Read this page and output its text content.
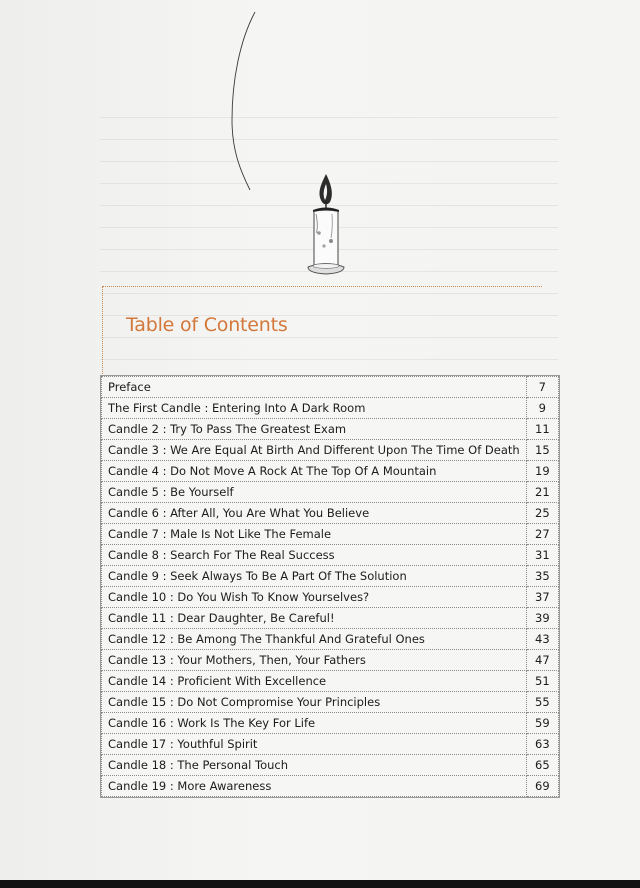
Table of Contents
Preface	7
The First Candle : Entering Into A Dark Room	9
Candle 2 : Try To Pass The Greatest Exam	11
Candle 3 : We Are Equal At Birth And Different Upon The Time Of Death	15
Candle 4 : Do Not Move A Rock At The Top Of A Mountain	19
Candle 5 : Be Yourself	21
Candle 6 : After All, You Are What You Believe	25
Candle 7 : Male Is Not Like The Female	27
Candle 8 : Search For The Real Success	31
Candle 9 : Seek Always To Be A Part Of The Solution	35
Candle 10 : Do You Wish To Know Yourselves?	37
Candle 11 : Dear Daughter, Be Careful!	39
Candle 12 : Be Among The Thankful And Grateful Ones	43
Candle 13 : Your Mothers, Then, Your Fathers	47
Candle 14 : Proficient With Excellence	51
Candle 15 : Do Not Compromise Your Principles	55
Candle 16 : Work Is The Key For Life	59
Candle 17 : Youthful Spirit	63
Candle 18 : The Personal Touch	65
Candle 19 : More Awareness	69
